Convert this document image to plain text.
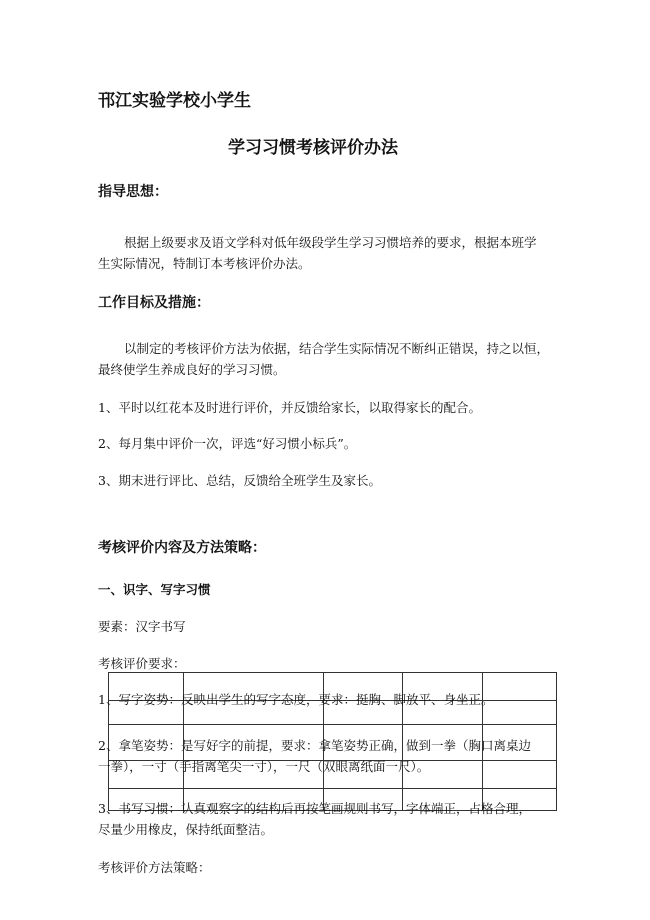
邗江实验学校小学生
学习习惯考核评价办法
指导思想：
根据上级要求及语文学科对低年级段学生学习习惯培养的要求，根据本班学
生实际情况，特制订本考核评价办法。
工作目标及措施：
以制定的考核评价方法为依据，结合学生实际情况不断纠正错误，持之以恒，
最终使学生养成良好的学习习惯。
1、平时以红花本及时进行评价，并反馈给家长，以取得家长的配合。
2、每月集中评价一次，评选“好习惯小标兵”。
3、期末进行评比、总结，反馈给全班学生及家长。
考核评价内容及方法策略：
一、识字、写字习惯
要素：汉字书写
考核评价要求：
1、写字姿势：反映出学生的写字态度，要求：挺胸、脚放平、身坐正。
2、拿笔姿势：是写好字的前提，要求：拿笔姿势正确，做到一拳（胸口离桌边
一拳），一寸（手指离笔尖一寸），一尺（双眼离纸面一尺）。
3、书写习惯：认真观察字的结构后再按笔画规则书写，字体端正，占格合理，
尽量少用橡皮，保持纸面整洁。
考核评价方法策略：
